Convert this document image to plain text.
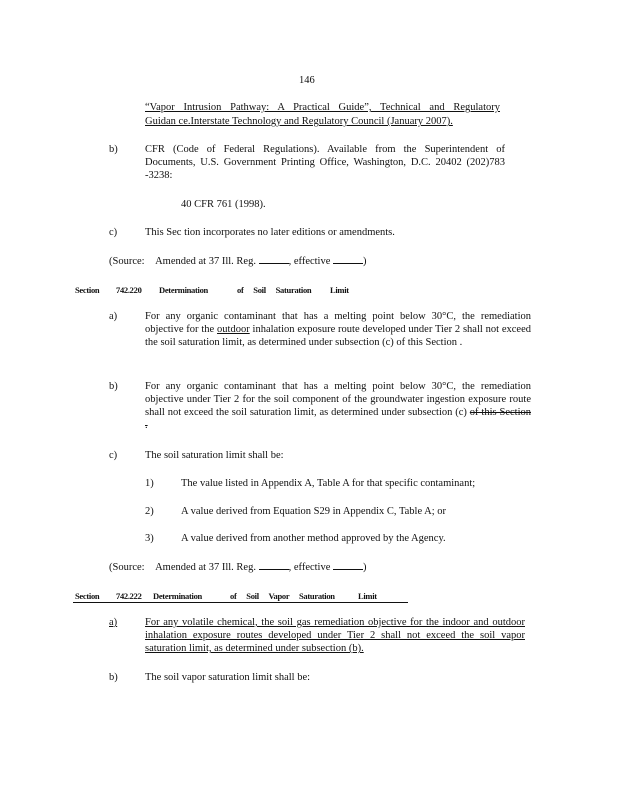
146
“Vapor Intrusion Pathway: A Practical Guide”, Technical and Regulatory
Guidan ce.Interstate Technology and Regulatory Council (January 2007).
b)	CFR (Code of Federal Regulations). Available from the Superintendent of Documents, U.S. Government Printing Office, Washington, D.C. 20402 (202)783 -3238:
40 CFR 761 (1998).
c)	This Sec tion incorporates no later editions or amendments.
(Source: Amended at 37 Ill. Reg.	, effective	)
Section 742.220 Determination	of Soil Saturation Limit
a)	For any organic contaminant that has a melting point below 30°C, the remediation objective for the outdoor inhalation exposure route developed under Tier 2 shall not exceed the soil saturation limit, as determined under subsection (c) of this Section .
b)	For any organic contaminant that has a melting point below 30°C, the remediation objective under Tier 2 for the soil component of the groundwater ingestion exposure route shall not exceed the soil saturation limit, as determined under subsection (c) of this Section .
c)	The soil saturation limit shall be:
1)	The value listed in Appendix A, Table A for that specific contaminant;
2)	A value derived from Equation S29 in Appendix C, Table A; or
3)	A value derived from another method approved by the Agency.
(Source: Amended at 37 Ill. Reg.	, effective	)
Section 742.222 Determination	of Soil Vapor Saturation	Limit
a)	For any volatile chemical, the soil gas remediation objective for the indoor and outdoor inhalation exposure routes developed under Tier 2 shall not exceed the soil vapor saturation limit, as determined under subsection (b).
b)	The soil vapor saturation limit shall be:
